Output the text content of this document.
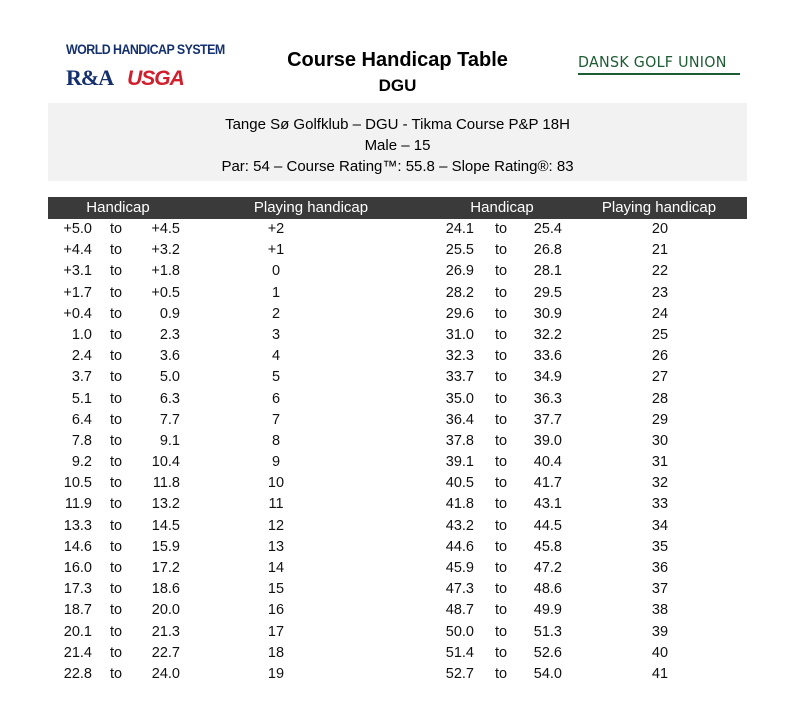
WORLD HANDICAP SYSTEM
R&A USGA
Course Handicap Table
DGU
DANSK GOLF UNION
Tange Sø Golfklub – DGU - Tikma Course P&P 18H
Male – 15
Par: 54 – Course Rating™: 55.8 – Slope Rating®: 83
Handicap	Playing handicap	Handicap	Playing handicap
+5.0 to	+4.5	+2	24.1 to	25.4	20
+4.4 to	+3.2	+1	25.5 to	26.8	21
+3.1 to	+1.8	0	26.9 to	28.1	22
+1.7 to	+0.5	1	28.2 to	29.5	23
+0.4 to	0.9	2	29.6 to	30.9	24
1.0 to	2.3	3	31.0 to	32.2	25
2.4 to	3.6	4	32.3 to	33.6	26
3.7 to	5.0	5	33.7 to	34.9	27
5.1 to	6.3	6	35.0 to	36.3	28
6.4 to	7.7	7	36.4 to	37.7	29
7.8 to	9.1	8	37.8 to	39.0	30
9.2 to	10.4	9	39.1 to	40.4	31
10.5 to	11.8	10	40.5 to	41.7	32
11.9 to	13.2	11	41.8 to	43.1	33
13.3 to	14.5	12	43.2 to	44.5	34
14.6 to	15.9	13	44.6 to	45.8	35
16.0 to	17.2	14	45.9 to	47.2	36
17.3 to	18.6	15	47.3 to	48.6	37
18.7 to	20.0	16	48.7 to	49.9	38
20.1 to	21.3	17	50.0 to	51.3	39
21.4 to	22.7	18	51.4 to	52.6	40
22.8 to	24.0	19	52.7 to	54.0	41
